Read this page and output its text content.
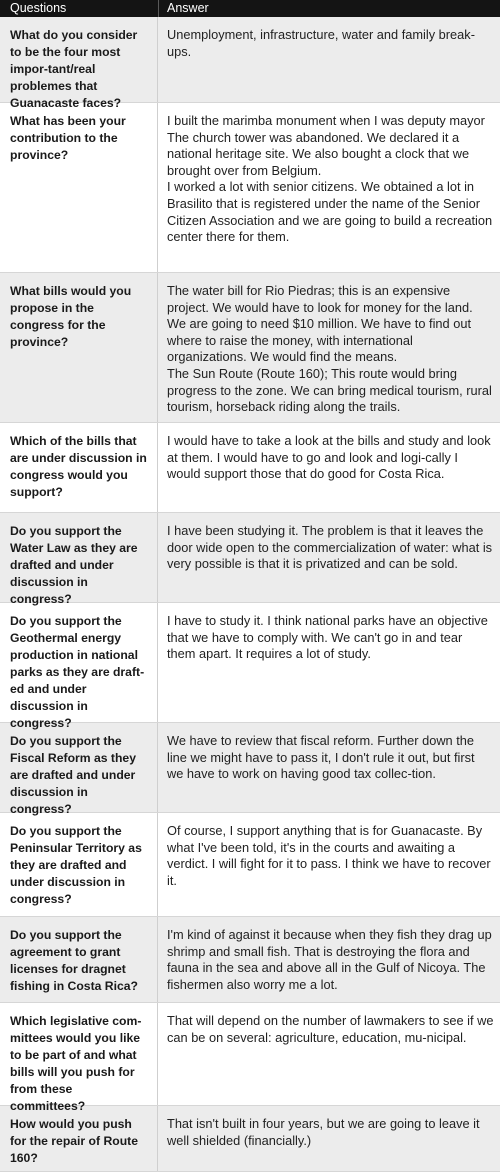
Questions	Answer
What do you consider to be the four most impor-tant/real problemes that Guanacaste faces?
Unemployment, infrastructure, water and family break-ups.
What has been your contribution to the province?
I built the marimba monument when I was deputy mayor
The church tower was abandoned. We declared it a national heritage site. We also bought a clock that we brought over from Belgium.
I worked a lot with senior citizens. We obtained a lot in Brasilito that is registered under the name of the Senior Citizen Association and we are going to build a recreation center there for them.
What bills would you propose in the congress for the province?
The water bill for Rio Piedras; this is an expensive project. We would have to look for money for the land. We are going to need $10 million. We have to find out where to raise the money, with international organizations. We would find the means.
The Sun Route (Route 160); This route would bring progress to the zone. We can bring medical tourism, rural tourism, horseback riding along the trails.
Which of the bills that are under discussion in congress would you support?
I would have to take a look at the bills and study and look at them. I would have to go and look and logi-cally I would support those that do good for Costa Rica.
Do you support the Water Law as they are drafted and under discussion in congress?
I have been studying it. The problem is that it leaves the door wide open to the commercialization of water: what is very possible is that it is privatized and can be sold.
Do you support the Geothermal energy production in national parks as they are draft-ed and under discussion in congress?
I have to study it. I think national parks have an objective that we have to comply with. We can't go in and tear them apart. It requires a lot of study.
Do you support the Fiscal Reform as they are drafted and under discussion in congress?
We have to review that fiscal reform. Further down the line we might have to pass it, I don't rule it out, but first we have to work on having good tax collec-tion.
Do you support the Peninsular Territory as they are drafted and under discussion in congress?
Of course, I support anything that is for Guanacaste. By what I've been told, it's in the courts and awaiting a verdict. I will fight for it to pass. I think we have to recover it.
Do you support the agreement to grant licenses for dragnet fishing in Costa Rica?
I'm kind of against it because when they fish they drag up shrimp and small fish. That is destroying the flora and fauna in the sea and above all in the Gulf of Nicoya. The fishermen also worry me a lot.
Which legislative com-mittees would you like to be part of and what bills will you push for from these committees?
That will depend on the number of lawmakers to see if we can be on several: agriculture, education, mu-nicipal.
How would you push for the repair of Route 160?
That isn't built in four years, but we are going to leave it well shielded (financially.)
